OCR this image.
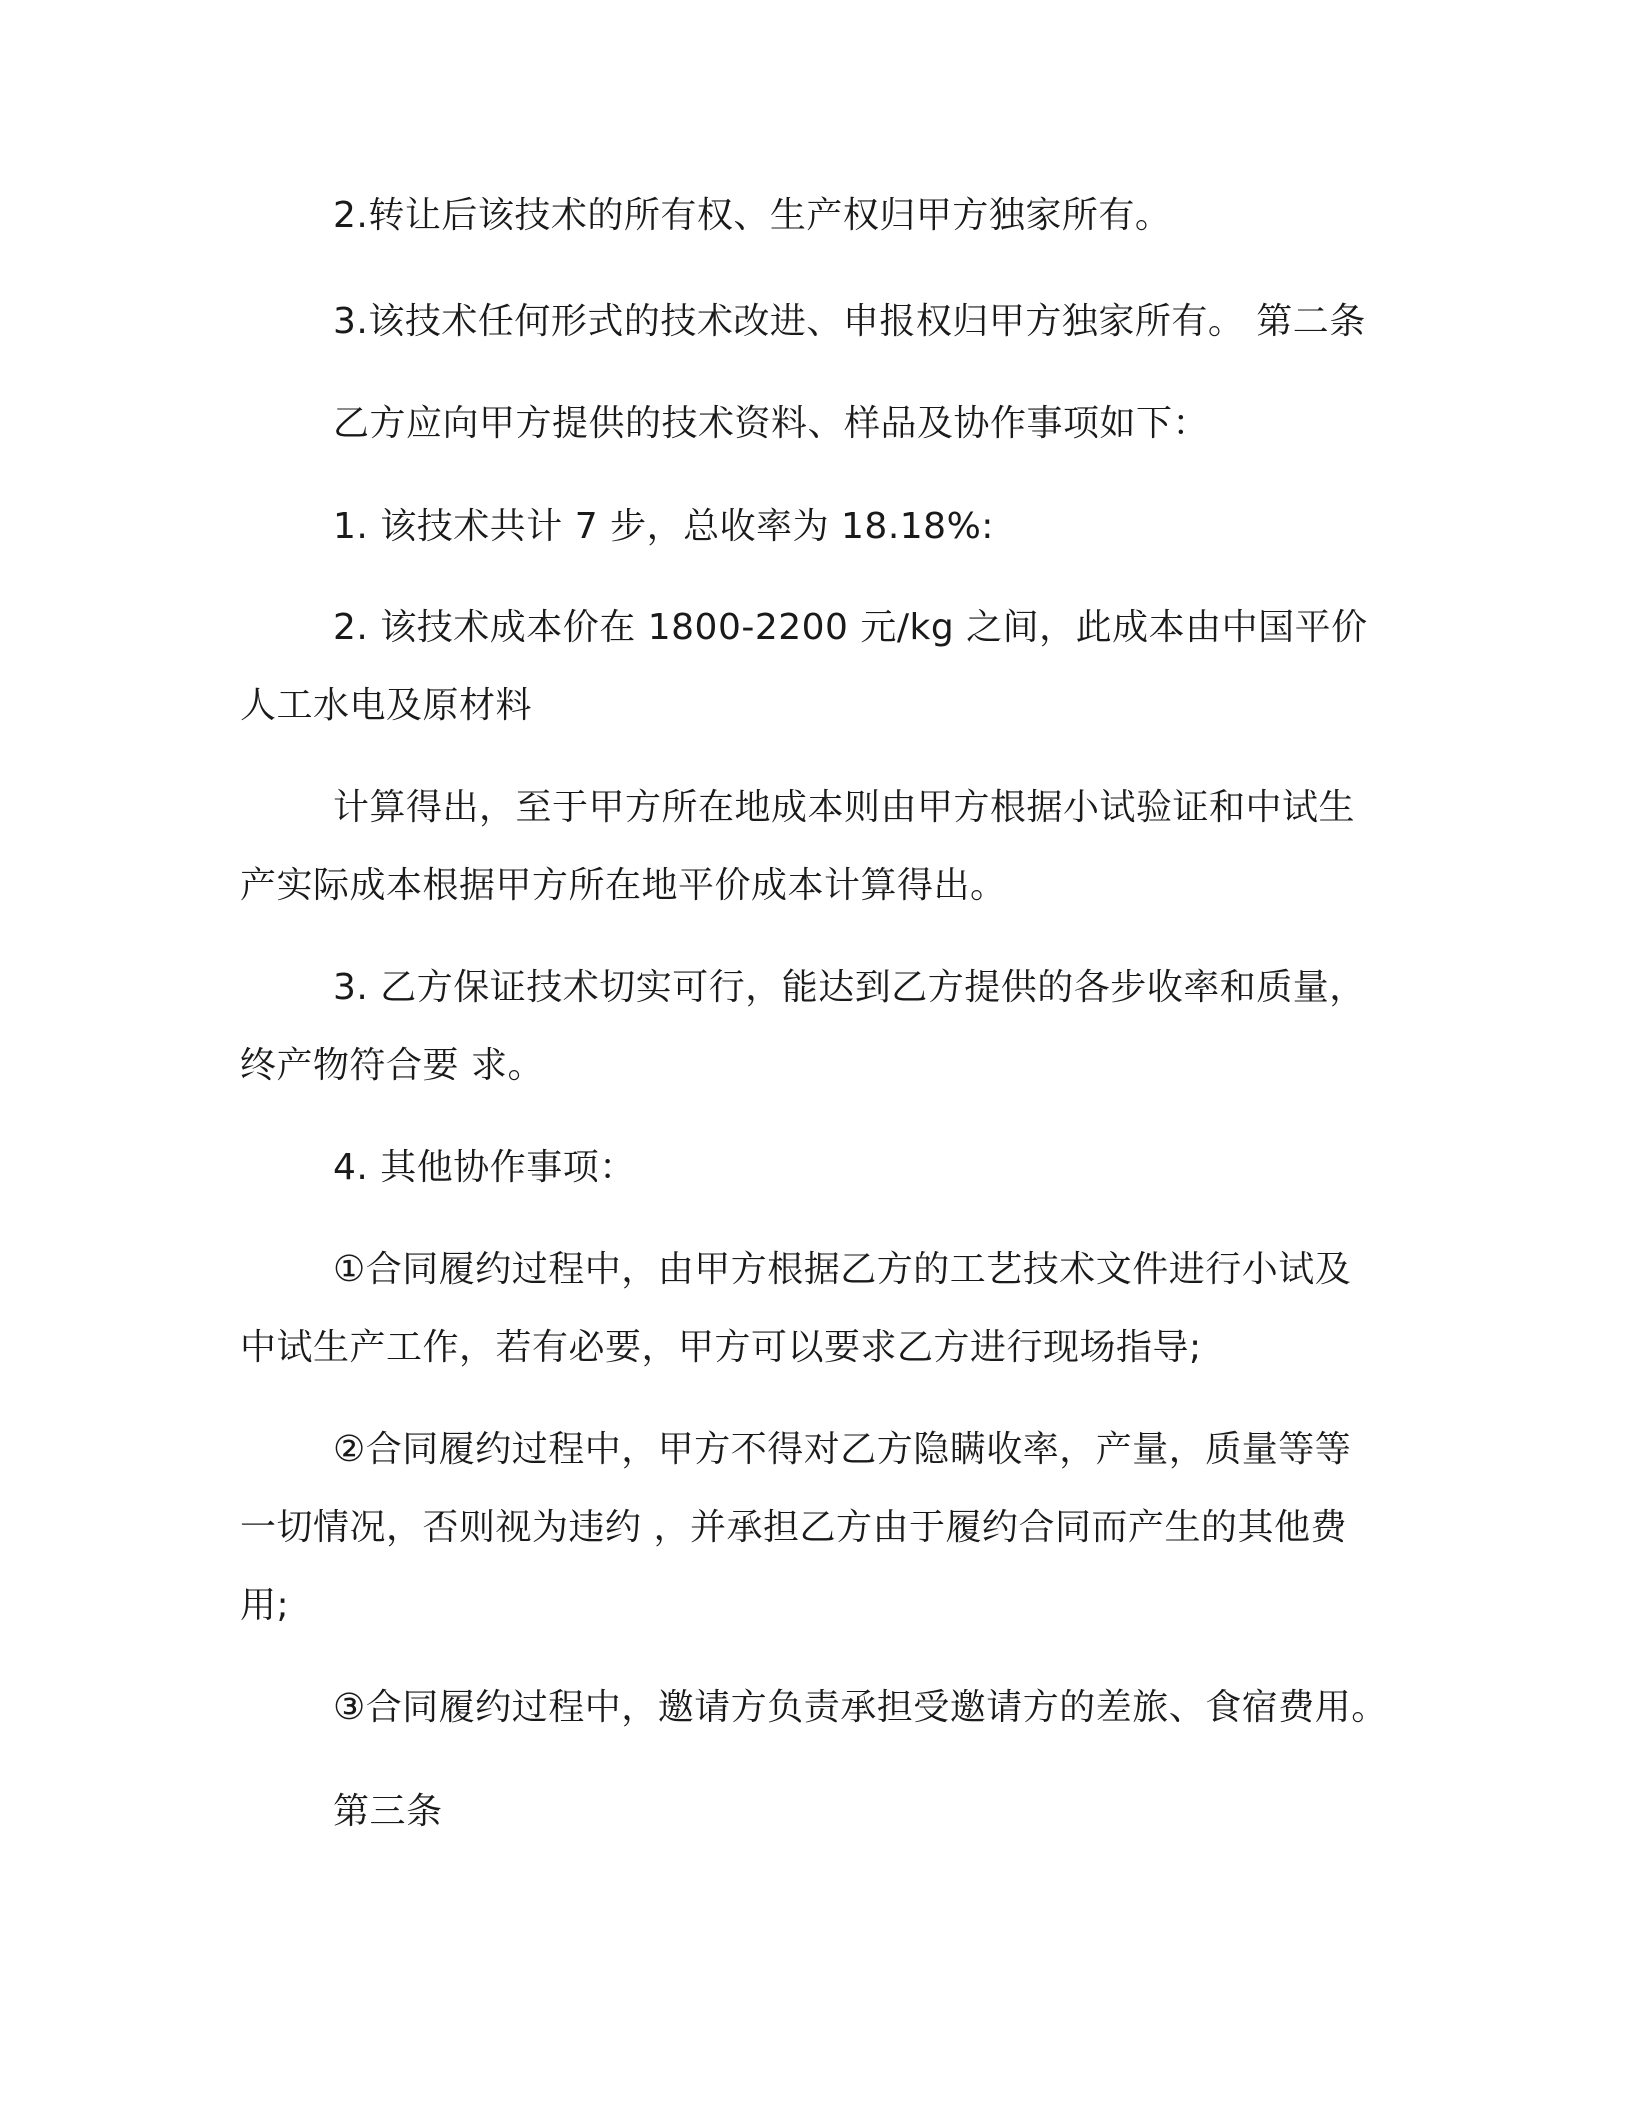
2.转让后该技术的所有权、生产权归甲方独家所有。
3.该技术任何形式的技术改进、申报权归甲方独家所有。 第二条
乙方应向甲方提供的技术资料、样品及协作事项如下：
1. 该技术共计 7 步，总收率为 18.18%:
2. 该技术成本价在 1800-2200 元/kg 之间，此成本由中国平价
人工水电及原材料
计算得出，至于甲方所在地成本则由甲方根据小试验证和中试生
产实际成本根据甲方所在地平价成本计算得出。
3. 乙方保证技术切实可行，能达到乙方提供的各步收率和质量，
终产物符合要 求。
4. 其他协作事项：
①合同履约过程中，由甲方根据乙方的工艺技术文件进行小试及
中试生产工作，若有必要，甲方可以要求乙方进行现场指导;
②合同履约过程中，甲方不得对乙方隐瞒收率，产量，质量等等
一切情况，否则视为违约 ，并承担乙方由于履约合同而产生的其他费
用;
③合同履约过程中，邀请方负责承担受邀请方的差旅、食宿费用。
第三条
